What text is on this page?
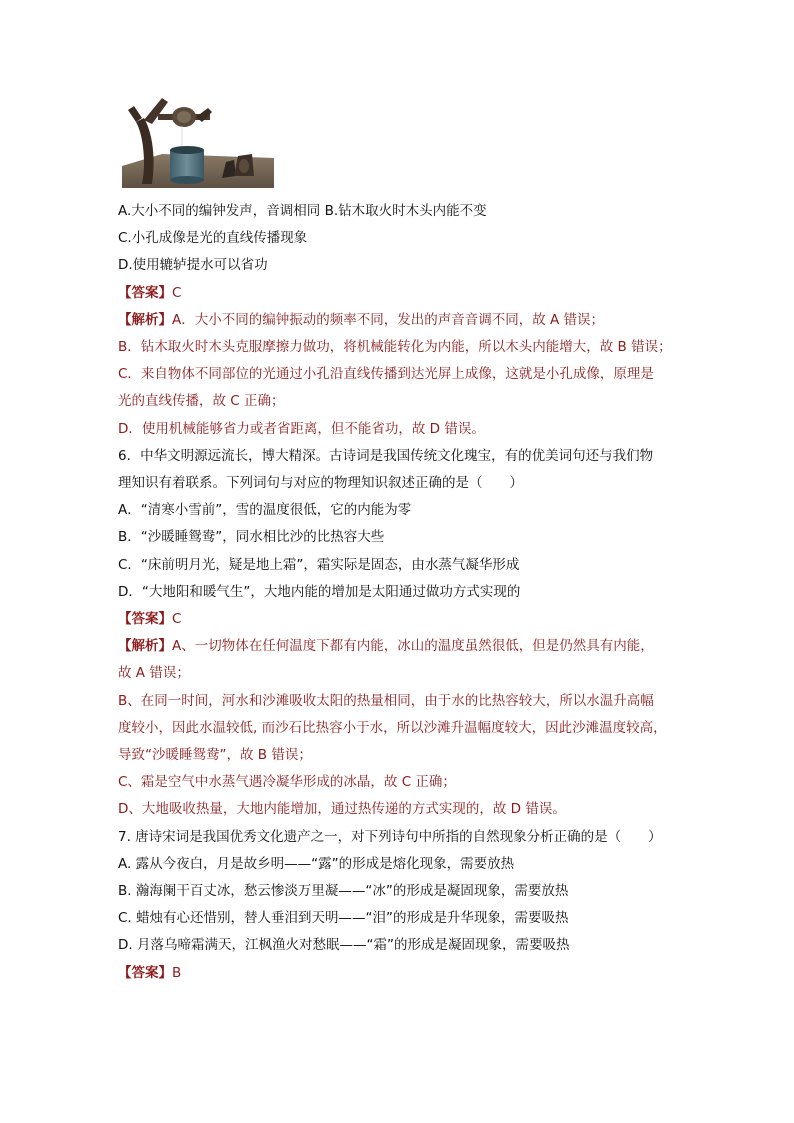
A.大小不同的编钟发声，音调相同 B.钻木取火时木头内能不变
C.小孔成像是光的直线传播现象
D.使用辘轳提水可以省功
【答案】C
【解析】A．大小不同的编钟振动的频率不同，发出的声音音调不同，故 A 错误；
B．钻木取火时木头克服摩擦力做功，将机械能转化为内能，所以木头内能增大，故 B 错误；
C．来自物体不同部位的光通过小孔沿直线传播到达光屏上成像，这就是小孔成像，原理是
光的直线传播，故 C 正确；
D．使用机械能够省力或者省距离，但不能省功，故 D 错误。
6．中华文明源远流长，博大精深。古诗词是我国传统文化瑰宝，有的优美词句还与我们物
理知识有着联系。下列词句与对应的物理知识叙述正确的是（　　）
A．“清寒小雪前”，雪的温度很低，它的内能为零
B．“沙暖睡鸳鸯”，同水相比沙的比热容大些
C．“床前明月光，疑是地上霜”，霜实际是固态，由水蒸气凝华形成
D．“大地阳和暖气生”，大地内能的增加是太阳通过做功方式实现的
【答案】C
【解析】A、一切物体在任何温度下都有内能，冰山的温度虽然很低，但是仍然具有内能，
故 A 错误；
B、在同一时间，河水和沙滩吸收太阳的热量相同，由于水的比热容较大，所以水温升高幅
度较小，因此水温较低, 而沙石比热容小于水，所以沙滩升温幅度较大，因此沙滩温度较高，
导致“沙暖睡鸳鸯”，故 B 错误；
C、霜是空气中水蒸气遇冷凝华形成的冰晶，故 C 正确；
D、大地吸收热量，大地内能增加，通过热传递的方式实现的，故 D 错误。
7. 唐诗宋词是我国优秀文化遗产之一，对下列诗句中所指的自然现象分析正确的是（　　）
A. 露从今夜白，月是故乡明——“露”的形成是熔化现象，需要放热
B. 瀚海阑干百丈冰，愁云惨淡万里凝——“冰”的形成是凝固现象，需要放热
C. 蜡烛有心还惜别，替人垂泪到天明——“泪”的形成是升华现象，需要吸热
D. 月落乌啼霜满天，江枫渔火对愁眠——“霜”的形成是凝固现象，需要吸热
【答案】B
